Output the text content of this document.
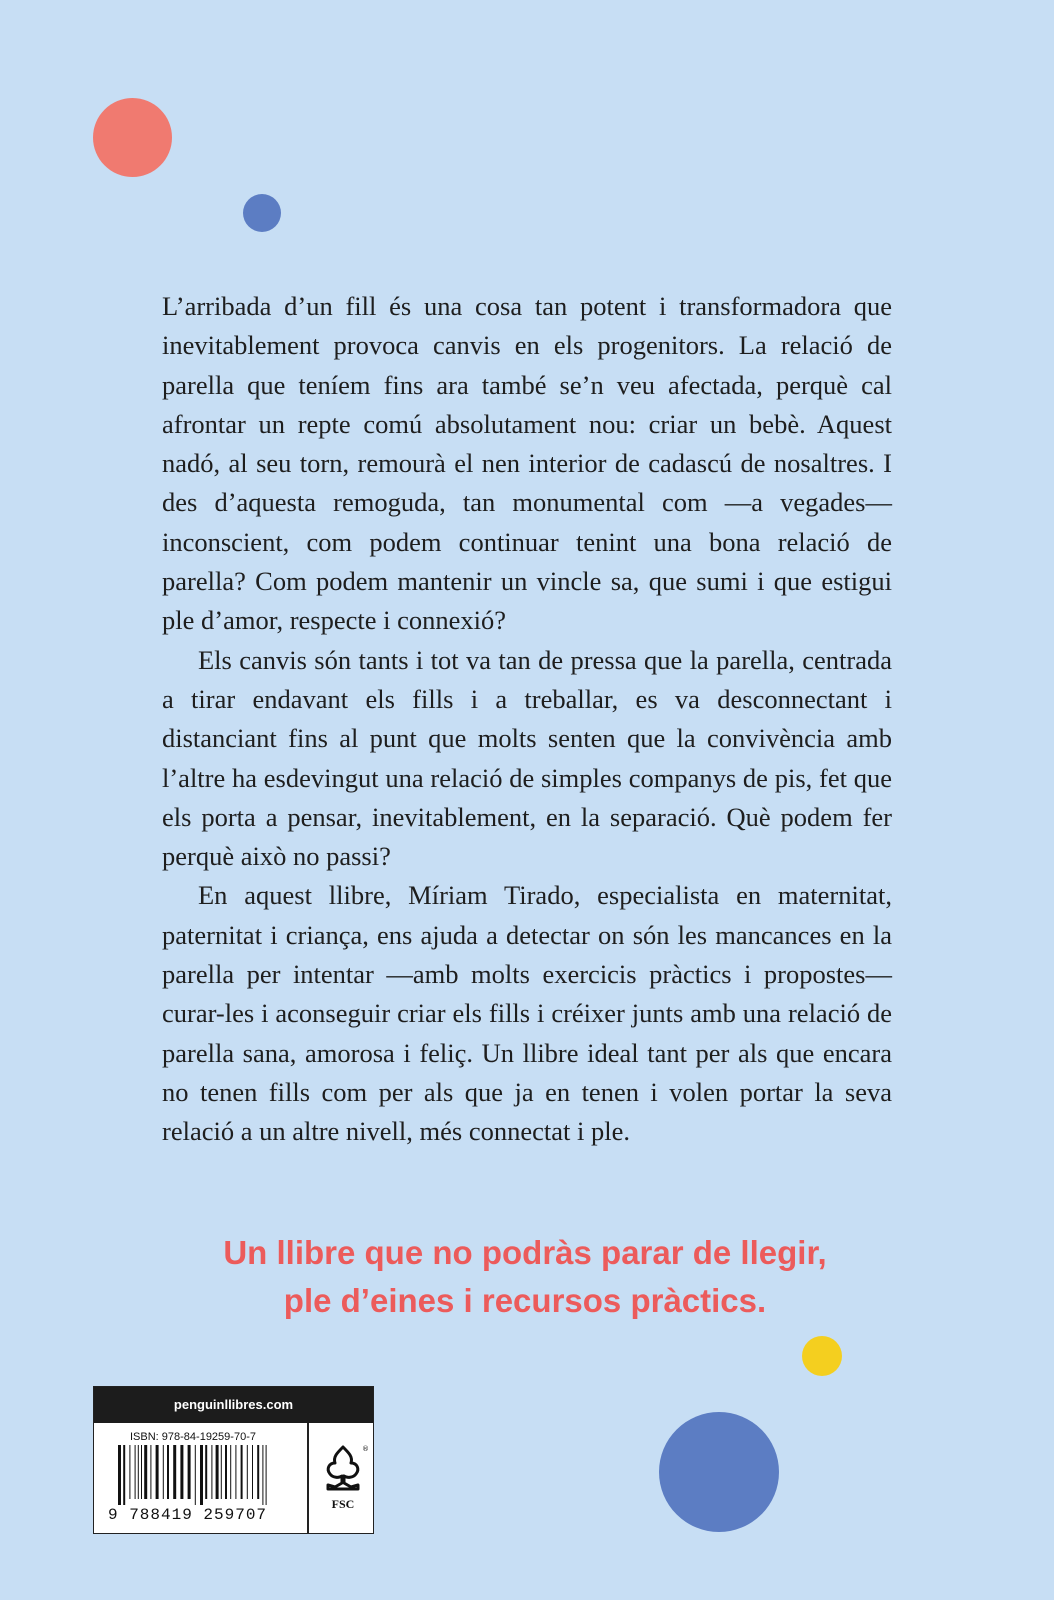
L’arribada d’un fill és una cosa tan potent i transformadora que inevitablement provoca canvis en els progenitors. La relació de parella que teníem fins ara també se’n veu afectada, perquè cal afrontar un repte comú absolutament nou: criar un bebè. Aquest nadó, al seu torn, remourà el nen interior de cadascú de nosaltres. I des d’aquesta remoguda, tan monumental com —a vegades— inconscient, com podem continuar tenint una bona relació de parella? Com podem mantenir un vincle sa, que sumi i que estigui ple d’amor, respecte i connexió?

Els canvis són tants i tot va tan de pressa que la parella, centrada a tirar endavant els fills i a treballar, es va desconnectant i distanciant fins al punt que molts senten que la convivència amb l’altre ha esdevingut una relació de simples companys de pis, fet que els porta a pensar, inevitablement, en la separació. Què podem fer perquè això no passi?

En aquest llibre, Míriam Tirado, especialista en maternitat, paternitat i criança, ens ajuda a detectar on són les mancances en la parella per intentar —amb molts exercicis pràctics i propostes— curar-les i aconseguir criar els fills i créixer junts amb una relació de parella sana, amorosa i feliç. Un llibre ideal tant per als que encara no tenen fills com per als que ja en tenen i volen portar la seva relació a un altre nivell, més connectat i ple.

Un llibre que no podràs parar de llegir,
ple d’eines i recursos pràctics.
penguinllibres.com
ISBN: 978-84-19259-70-7
9 788419 259707
®
FSC
